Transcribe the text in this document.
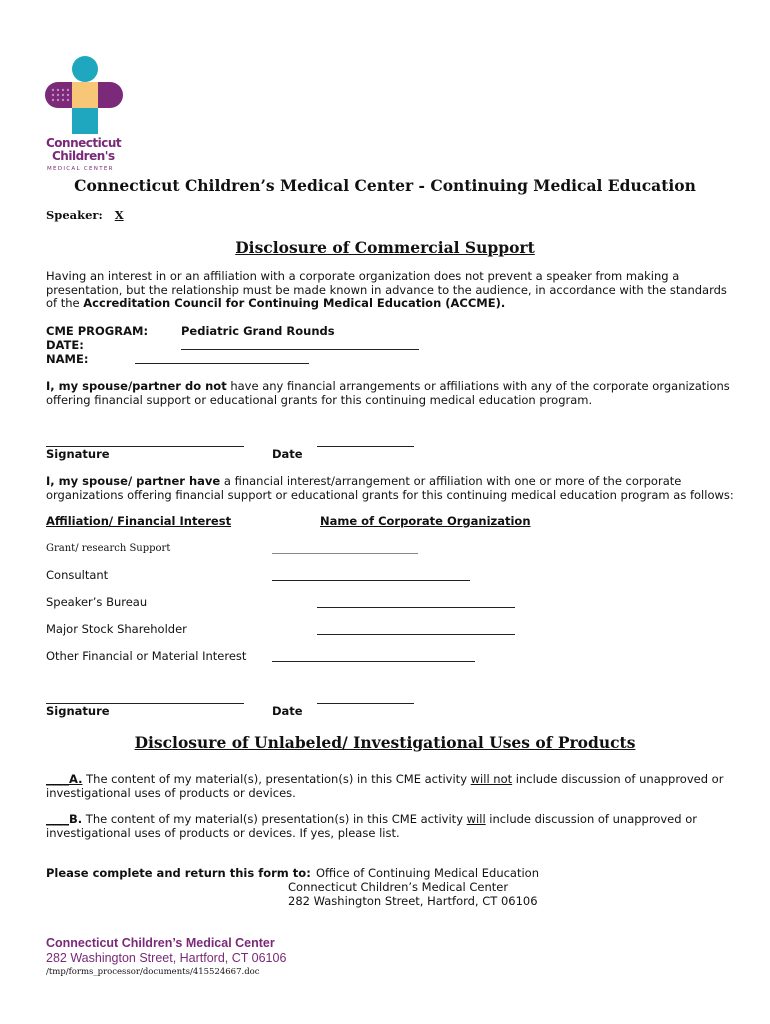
Connecticut
Children's
MEDICAL CENTER
Connecticut Children’s Medical Center - Continuing Medical Education
Speaker: X
Disclosure of Commercial Support
Having an interest in or an affiliation with a corporate organization does not prevent a speaker from making a presentation, but the relationship must be made known in advance to the audience, in accordance with the standards of the Accreditation Council for Continuing Medical Education (ACCME).
CME PROGRAM:	Pediatric Grand Rounds
DATE:
NAME:
I, my spouse/partner do not have any financial arrangements or affiliations with any of the corporate organizations offering financial support or educational grants for this continuing medical education program.
Signature	Date
I, my spouse/ partner have a financial interest/arrangement or affiliation with one or more of the corporate organizations offering financial support or educational grants for this continuing medical education program as follows:
Affiliation/ Financial Interest	Name of Corporate Organization
Grant/ research Support
Consultant
Speaker’s Bureau
Major Stock Shareholder
Other Financial or Material Interest
Signature	Date
Disclosure of Unlabeled/ Investigational Uses of Products
____A. The content of my material(s), presentation(s) in this CME activity will not include discussion of unapproved or investigational uses of products or devices.
____B. The content of my material(s) presentation(s) in this CME activity will include discussion of unapproved or investigational uses of products or devices. If yes, please list.
Please complete and return this form to: Office of Continuing Medical Education
Connecticut Children’s Medical Center
282 Washington Street, Hartford, CT 06106
Connecticut Children’s Medical Center
282 Washington Street, Hartford, CT 06106
/tmp/forms_processor/documents/415524667.doc
